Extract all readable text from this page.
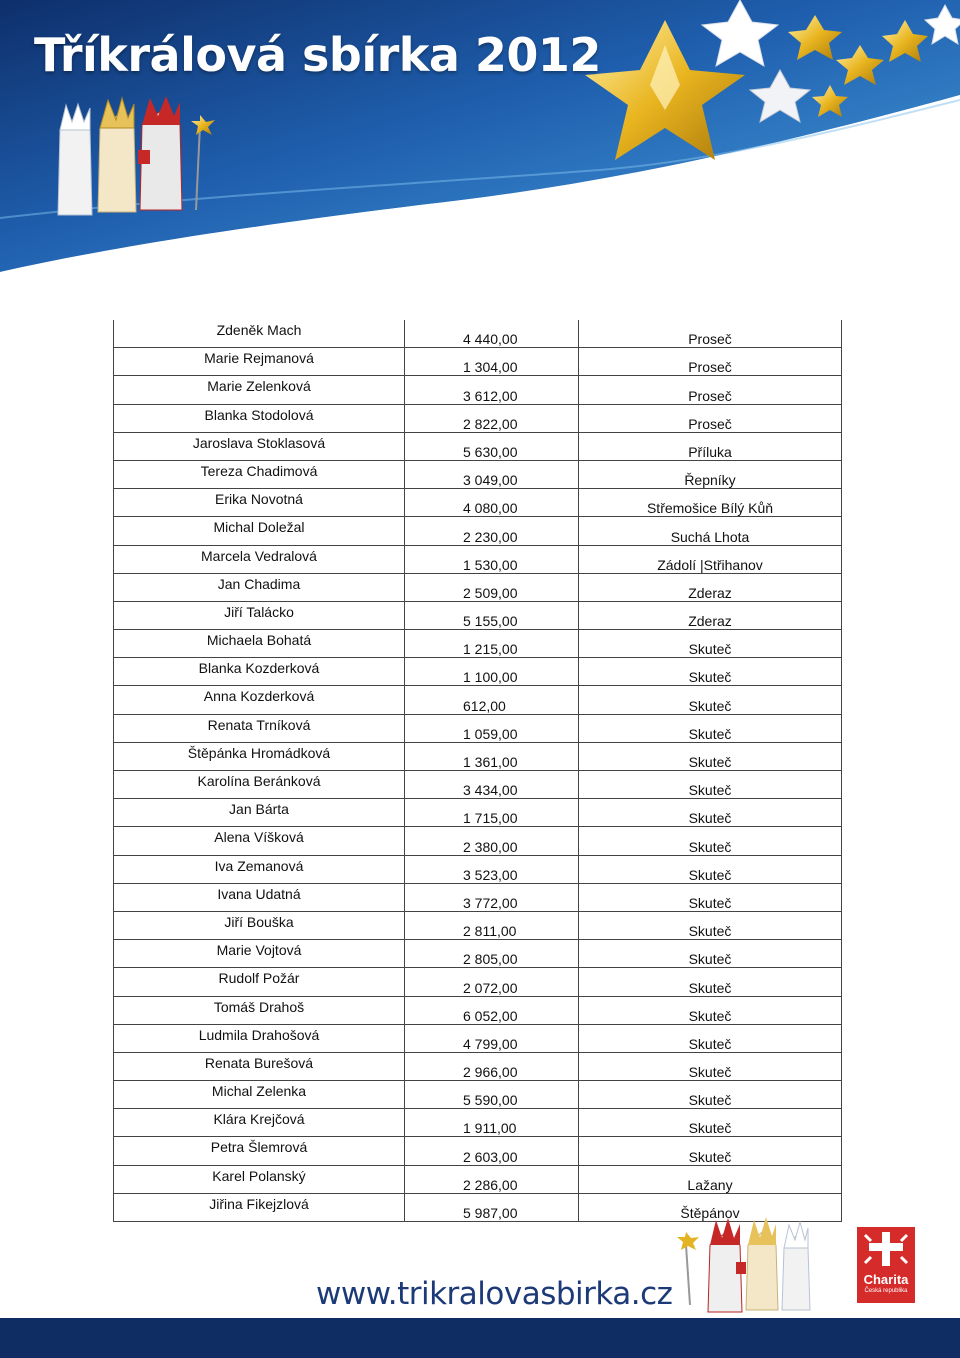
Tříkrálová sbírka 2012
Zdeněk Mach	4 440,00	Proseč
Marie Rejmanová	1 304,00	Proseč
Marie Zelenková	3 612,00	Proseč
Blanka Stodolová	2 822,00	Proseč
Jaroslava Stoklasová	5 630,00	Příluka
Tereza Chadimová	3 049,00	Řepníky
Erika Novotná	4 080,00	Střemošice Bílý Kůň
Michal Doležal	2 230,00	Suchá Lhota
Marcela Vedralová	1 530,00	Zádolí |Střihanov
Jan Chadima	2 509,00	Zderaz
Jiří Talácko	5 155,00	Zderaz
Michaela Bohatá	1 215,00	Skuteč
Blanka Kozderková	1 100,00	Skuteč
Anna Kozderková	612,00	Skuteč
Renata Trníková	1 059,00	Skuteč
Štěpánka Hromádková	1 361,00	Skuteč
Karolína Beránková	3 434,00	Skuteč
Jan Bárta	1 715,00	Skuteč
Alena Víšková	2 380,00	Skuteč
Iva Zemanová	3 523,00	Skuteč
Ivana Udatná	3 772,00	Skuteč
Jiří Bouška	2 811,00	Skuteč
Marie Vojtová	2 805,00	Skuteč
Rudolf Požár	2 072,00	Skuteč
Tomáš Drahoš	6 052,00	Skuteč
Ludmila Drahošová	4 799,00	Skuteč
Renata Burešová	2 966,00	Skuteč
Michal Zelenka	5 590,00	Skuteč
Klára Krejčová	1 911,00	Skuteč
Petra Šlemrová	2 603,00	Skuteč
Karel Polanský	2 286,00	Lažany
Jiřina Fikejzlová	5 987,00	Štěpánov
www.trikralovasbirka.cz	Charita
Česká republika
